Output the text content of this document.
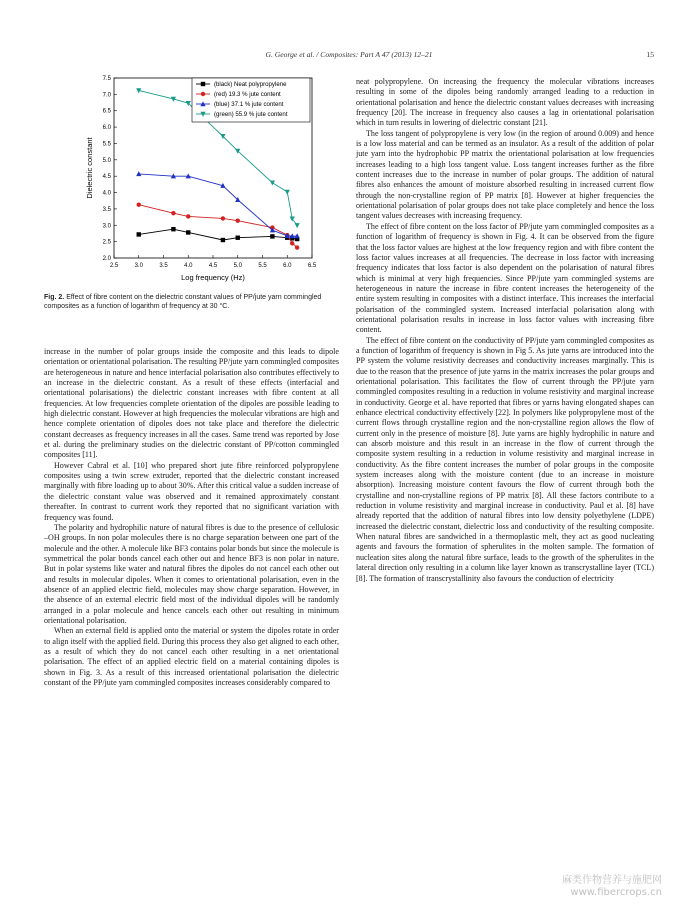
G. George et al. / Composites: Part A 47 (2013) 12–21	15
2.5	3.0	3.5	4.0	4.5	5.0	5.5	6.0	6.5
2.0
2.5
3.0
3.5
4.0
4.5
5.0
5.5
6.0
6.5
7.0
7.5
Log frequency (Hz)
Dielectric constant
(black) Neat polypropylene
(red) 19.3 % jute content
(blue) 37.1 % jute content
(green) 55.9 % jute content
Fig. 2. Effect of fibre content on the dielectric constant values of PP/jute yarn commingled composites as a function of logarithm of frequency at 30 °C.

increase in the number of polar groups inside the composite and this leads to dipole orientation or orientational polarisation. The resulting PP/jute yarn commingled composites are heterogeneous in nature and hence interfacial polarisation also contributes effectively to an increase in the dielectric constant. As a result of these effects (interfacial and orientational polarisations) the dielectric constant increases with fibre content at all frequencies. At low frequencies complete orientation of the dipoles are possible leading to high dielectric constant. However at high frequencies the molecular vibrations are high and hence complete orientation of dipoles does not take place and therefore the dielectric constant decreases as frequency increases in all the cases. Same trend was reported by Jose et al. during the preliminary studies on the dielectric constant of PP/cotton commingled composites [11].

However Cabral et al. [10] who prepared short jute fibre reinforced polypropylene composites using a twin screw extruder, reported that the dielectric constant increased marginally with fibre loading up to about 30%. After this critical value a sudden increase of the dielectric constant value was observed and it remained approximately constant thereafter. In contrast to current work they reported that no significant variation with frequency was found.

The polarity and hydrophilic nature of natural fibres is due to the presence of cellulosic –OH groups. In non polar molecules there is no charge separation between one part of the molecule and the other. A molecule like BF3 contains polar bonds but since the molecule is symmetrical the polar bonds cancel each other out and hence BF3 is non polar in nature. But in polar systems like water and natural fibres the dipoles do not cancel each other out and results in molecular dipoles. When it comes to orientational polarisation, even in the absence of an applied electric field, molecules may show charge separation. However, in the absence of an external electric field most of the individual dipoles will be randomly arranged in a polar molecule and hence cancels each other out resulting in minimum orientational polarisation.

When an external field is applied onto the material or system the dipoles rotate in order to align itself with the applied field. During this process they also get aligned to each other, as a result of which they do not cancel each other resulting in a net orientational polarisation. The effect of an applied electric field on a material containing dipoles is shown in Fig. 3. As a result of this increased orientational polarisation the dielectric constant of the PP/jute yarn commingled composites increases considerably compared to

neat polypropylene. On increasing the frequency the molecular vibrations increases resulting in some of the dipoles being randomly arranged leading to a reduction in orientational polarisation and hence the dielectric constant values decreases with increasing frequency [20]. The increase in frequency also causes a lag in orientational polarisation which in turn results in lowering of dielectric constant [21].

The loss tangent of polypropylene is very low (in the region of around 0.009) and hence is a low loss material and can be termed as an insulator. As a result of the addition of polar jute yarn into the hydrophobic PP matrix the orientational polarisation at low frequencies increases leading to a high loss tangent value. Loss tangent increases further as the fibre content increases due to the increase in number of polar groups. The addition of natural fibres also enhances the amount of moisture absorbed resulting in increased current flow through the non-crystalline region of PP matrix [8]. However at higher frequencies the orientational polarisation of polar groups does not take place completely and hence the loss tangent values decreases with increasing frequency.

The effect of fibre content on the loss factor of PP/jute yarn commingled composites as a function of logarithm of frequency is shown in Fig. 4. It can be observed from the figure that the loss factor values are highest at the low frequency region and with fibre content the loss factor values increases at all frequencies. The decrease in loss factor with increasing frequency indicates that loss factor is also dependent on the polarisation of natural fibres which is minimal at very high frequencies. Since PP/jute yarn commingled systems are heterogeneous in nature the increase in fibre content increases the heterogeneity of the entire system resulting in composites with a distinct interface. This increases the interfacial polarisation of the commingled system. Increased interfacial polarisation along with orientational polarisation results in increase in loss factor values with increasing fibre content.

The effect of fibre content on the conductivity of PP/jute yarn commingled composites as a function of logarithm of frequency is shown in Fig 5. As jute yarns are introduced into the PP system the volume resistivity decreases and conductivity increases marginally. This is due to the reason that the presence of jute yarns in the matrix increases the polar groups and orientational polarisation. This facilitates the flow of current through the PP/jute yarn commingled composites resulting in a reduction in volume resistivity and marginal increase in conductivity. George et al. have reported that fibres or yarns having elongated shapes can enhance electrical conductivity effectively [22]. In polymers like polypropylene most of the current flows through crystalline region and the non-crystalline region allows the flow of current only in the presence of moisture [8]. Jute yarns are highly hydrophilic in nature and can absorb moisture and this result in an increase in the flow of current through the composite system resulting in a reduction in volume resistivity and marginal increase in conductivity. As the fibre content increases the number of polar groups in the composite system increases along with the moisture content (due to an increase in moisture absorption). Increasing moisture content favours the flow of current through both the crystalline and non-crystalline regions of PP matrix [8]. All these factors contribute to a reduction in volume resistivity and marginal increase in conductivity. Paul et al. [8] have already reported that the addition of natural fibres into low density polyethylene (LDPE) increased the dielectric constant, dielectric loss and conductivity of the resulting composite. When natural fibres are sandwiched in a thermoplastic melt, they act as good nucleating agents and favours the formation of spherulites in the molten sample. The formation of nucleation sites along the natural fibre surface, leads to the growth of the spherulites in the lateral direction only resulting in a column like layer known as transcrystalline layer (TCL) [8]. The formation of transcrystallinity also favours the conduction of electricity

麻类作物营养与施肥网
www.fibercrops.cn
